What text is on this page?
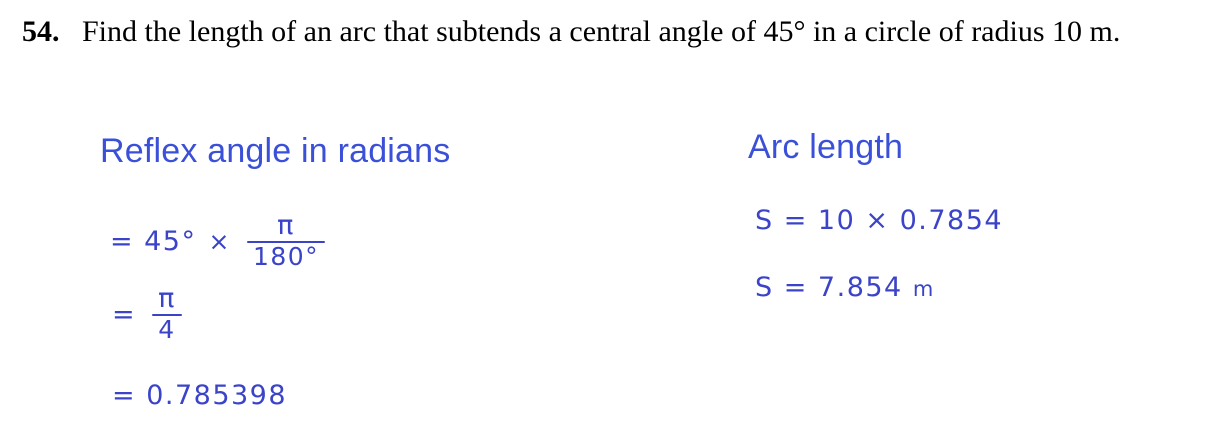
54. Find the length of an arc that subtends a central angle of 45° in a circle of radius 10 m.
Reflex angle in radians	Arc length
= $45^\circ \times \frac{\pi}{180^\circ}$
= $\frac{\pi}{4}$
= 0.785398
S = 10 × 0.7854
S = 7.854 m
